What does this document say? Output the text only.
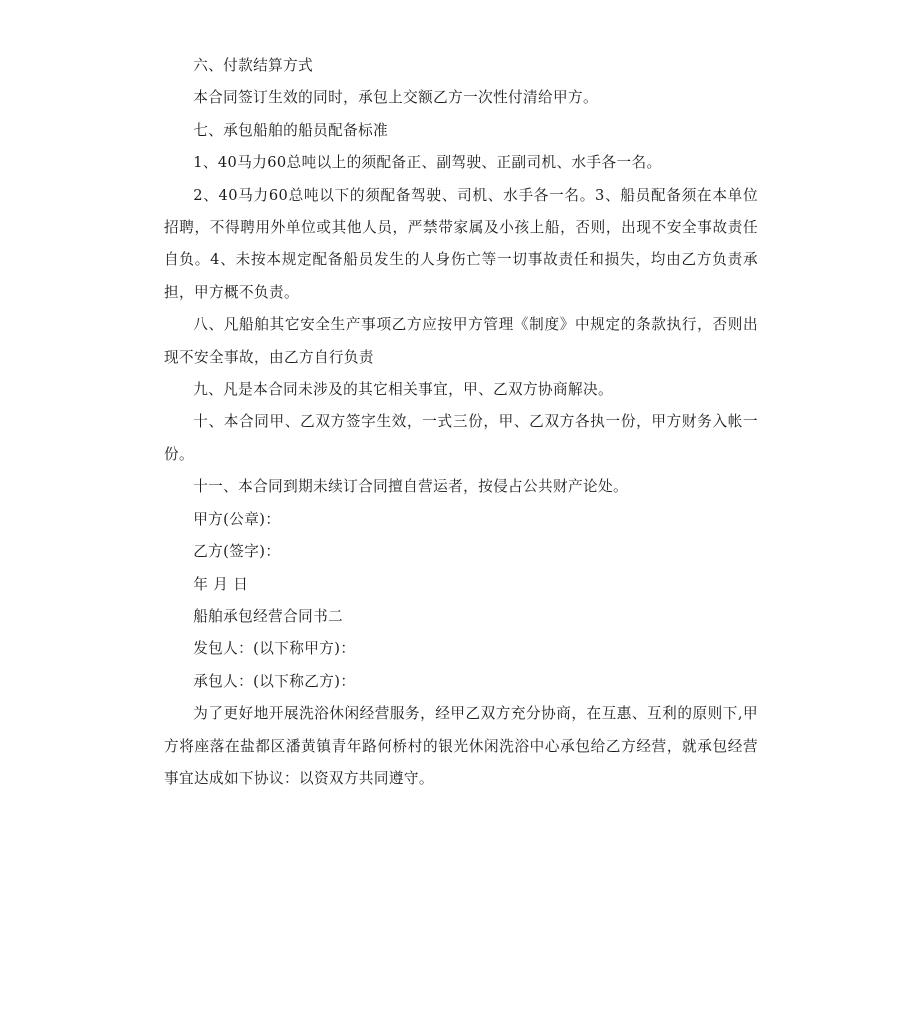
六、付款结算方式

本合同签订生效的同时，承包上交额乙方一次性付清给甲方。

七、承包船舶的船员配备标准

1、40马力60总吨以上的须配备正、副驾驶、正副司机、水手各一名。

2、40马力60总吨以下的须配备驾驶、司机、水手各一名。3、船员配备须在本单位招聘，不得聘用外单位或其他人员，严禁带家属及小孩上船，否则，出现不安全事故责任自负。4、未按本规定配备船员发生的人身伤亡等一切事故责任和损失，均由乙方负责承担，甲方概不负责。

八、凡船舶其它安全生产事项乙方应按甲方管理《制度》中规定的条款执行，否则出现不安全事故，由乙方自行负责

九、凡是本合同未涉及的其它相关事宜，甲、乙双方协商解决。

十、本合同甲、乙双方签字生效，一式三份，甲、乙双方各执一份，甲方财务入帐一份。

十一、本合同到期未续订合同擅自营运者，按侵占公共财产论处。

甲方(公章)：

乙方(签字)：

年 月 日

船舶承包经营合同书二

发包人：(以下称甲方)：

承包人：(以下称乙方)：

为了更好地开展洗浴休闲经营服务，经甲乙双方充分协商，在互惠、互利的原则下,甲方将座落在盐都区潘黄镇青年路何桥村的银光休闲洗浴中心承包给乙方经营，就承包经营事宜达成如下协议：以资双方共同遵守。
